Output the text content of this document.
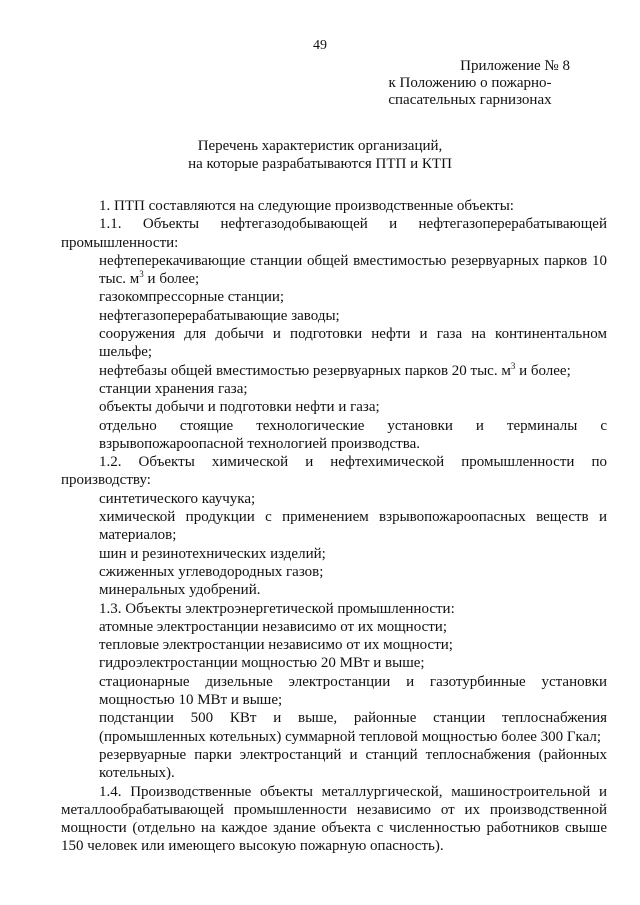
49
Приложение № 8
к Положению о пожарно-
спасательных гарнизонах
Перечень характеристик организаций,
на которые разрабатываются ПТП и КТП

1. ПТП составляются на следующие производственные объекты:

1.1. Объекты нефтегазодобывающей и нефтегазоперерабатывающей промышленности:

нефтеперекачивающие станции общей вместимостью резервуарных парков 10 тыс. $м^3$ и более;

газокомпрессорные станции;

нефтегазоперерабатывающие заводы;

сооружения для добычи и подготовки нефти и газа на континентальном шельфе;

нефтебазы общей вместимостью резервуарных парков 20 тыс. $м^3$ и более;

станции хранения газа;

объекты добычи и подготовки нефти и газа;

отдельно стоящие технологические установки и терминалы с взрывопожароопасной технологией производства.

1.2. Объекты химической и нефтехимической промышленности по производству:

синтетического каучука;

химической продукции с применением взрывопожароопасных веществ и материалов;

шин и резинотехнических изделий;

сжиженных углеводородных газов;

минеральных удобрений.

1.3. Объекты электроэнергетической промышленности:

атомные электростанции независимо от их мощности;

тепловые электростанции независимо от их мощности;

гидроэлектростанции мощностью 20 МВт и выше;

стационарные дизельные электростанции и газотурбинные установки мощностью 10 МВт и выше;

подстанции 500 КВт и выше, районные станции теплоснабжения (промышленных котельных) суммарной тепловой мощностью более 300 Гкал;

резервуарные парки электростанций и станций теплоснабжения (районных котельных).

1.4. Производственные объекты металлургической, машиностроительной и металлообрабатывающей промышленности независимо от их производственной мощности (отдельно на каждое здание объекта с численностью работников свыше 150 человек или имеющего высокую пожарную опасность).
